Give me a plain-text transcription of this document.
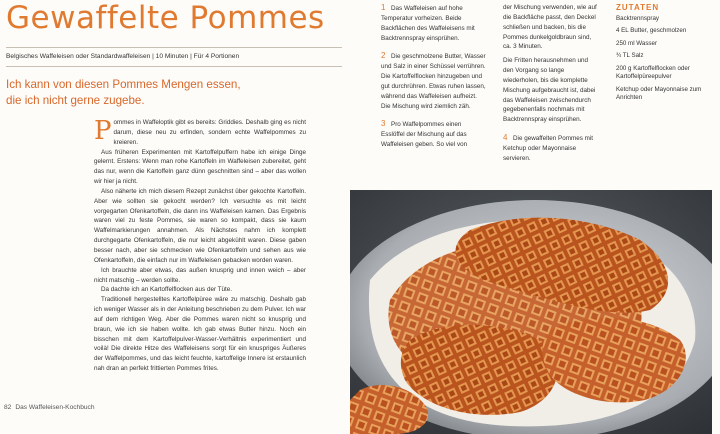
Gewaffelte Pommes
Belgisches Waffeleisen oder Standardwaffeleisen | 10 Minuten | Für 4 Portionen
Ich kann von diesen Pommes Mengen essen,
die ich nicht gerne zugebe.

Pommes in Waffeloptik gibt es bereits: Griddies. Deshalb ging es nicht darum, diese neu zu erfinden, sondern echte Waffelpommes zu kreieren.

Aus früheren Experimenten mit Kartoffelpuffern habe ich einige Dinge gelernt. Erstens: Wenn man rohe Kartoffeln im Waffeleisen zubereitet, geht das nur, wenn die Kartoffeln ganz dünn geschnitten sind – aber das wollen wir hier ja nicht.

Also näherte ich mich diesem Rezept zunächst über gekochte Kartoffeln. Aber wie sollten sie gekocht werden? Ich versuchte es mit leicht vorgegarten Ofenkartoffeln, die dann ins Waffeleisen kamen. Das Ergebnis waren viel zu feste Pommes, sie waren so kompakt, dass sie kaum Waffelmarkierungen annahmen. Als Nächstes nahm ich komplett durchgegarte Ofenkartoffeln, die nur leicht abgekühlt waren. Diese gaben besser nach, aber sie schmecken wie Ofenkartoffeln und sehen aus wie Ofenkartoffeln, die einfach nur im Waffeleisen gebacken worden waren.

Ich brauchte aber etwas, das außen knusprig und innen weich – aber nicht matschig – werden sollte.

Da dachte ich an Kartoffelflocken aus der Tüte.

Traditionell hergestelltes Kartoffelpüree wäre zu matschig. Deshalb gab ich weniger Wasser als in der Anleitung beschrieben zu dem Pulver. Ich war auf dem richtigen Weg. Aber die Pommes waren nicht so knusprig und braun, wie ich sie haben wollte. Ich gab etwas Butter hinzu. Noch ein bisschen mit dem Kartoffelpulver-Wasser-Verhältnis experimentiert und voilà! Die direkte Hitze des Waffeleisens sorgt für ein knuspriges Äußeres der Waffelpommes, und das leicht feuchte, kartoffelige Innere ist erstaunlich nah dran an perfekt frittierten Pommes frites.

82 Das Waffeleisen-Kochbuch

1 Das Waffeleisen auf hohe Temperatur vorheizen. Beide Backflächen des Waffeleisens mit Backtrennspray einsprühen.

2 Die geschmolzene Butter, Wasser und Salz in einer Schüssel verrühren. Die Kartoffelflocken hinzugeben und gut durchrühren. Etwas ruhen lassen, während das Waffeleisen aufheizt. Die Mischung wird ziemlich zäh.

3 Pro Waffelpommes einen Esslöffel der Mischung auf das Waffeleisen geben. So viel von

der Mischung verwenden, wie auf die Backfläche passt, den Deckel schließen und backen, bis die Pommes dunkelgoldbraun sind, ca. 3 Minuten.

Die Fritten herausnehmen und den Vorgang so lange wiederholen, bis die komplette Mischung aufgebraucht ist, dabei das Waffeleisen zwischendurch gegebenenfalls nochmals mit Backtrennspray einsprühen.

4 Die gewaffelten Pommes mit Ketchup oder Mayonnaise servieren.

ZUTATEN
Backtrennspray
4 EL Butter, geschmolzen
250 ml Wasser
¾ TL Salz
200 g Kartoffelflocken oder Kartoffelpüreepulver
Ketchup oder Mayonnaise zum Anrichten
